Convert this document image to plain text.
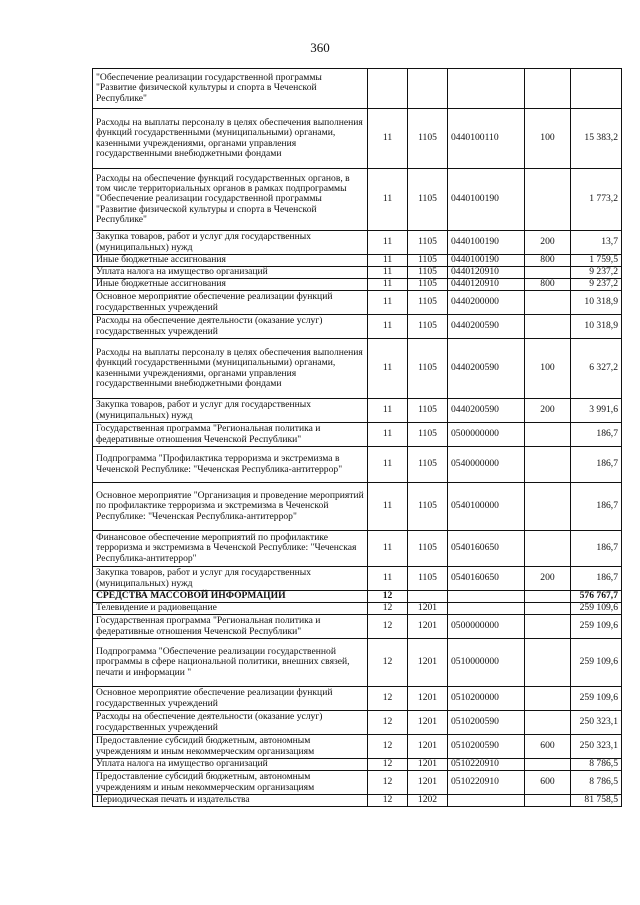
360
"Обеспечение реализации государственной программы "Развитие физической культуры и спорта в Чеченской Республике"					
Расходы на выплаты персоналу в целях обеспечения выполнения функций государственными (муниципальными) органами, казенными учреждениями, органами управления государственными внебюджетными фондами	11	1105	0440100110	100	15 383,2
Расходы на обеспечение функций государственных органов, в том числе территориальных органов в рамках подпрограммы "Обеспечение реализации государственной программы "Развитие физической культуры и спорта в Чеченской Республике"	11	1105	0440100190		1 773,2
Закупка товаров, работ и услуг для государственных (муниципальных) нужд	11	1105	0440100190	200	13,7
Иные бюджетные ассигнования	11	1105	0440100190	800	1 759,5
Уплата налога на имущество организаций	11	1105	0440120910		9 237,2
Иные бюджетные ассигнования	11	1105	0440120910	800	9 237,2
Основное мероприятие обеспечение реализации функций государственных учреждений	11	1105	0440200000		10 318,9
Расходы на обеспечение деятельности (оказание услуг) государственных учреждений	11	1105	0440200590		10 318,9
Расходы на выплаты персоналу в целях обеспечения выполнения функций государственными (муниципальными) органами, казенными учреждениями, органами управления государственными внебюджетными фондами	11	1105	0440200590	100	6 327,2
Закупка товаров, работ и услуг для государственных (муниципальных) нужд	11	1105	0440200590	200	3 991,6
Государственная программа "Региональная политика и федеративные отношения Чеченской Республики"	11	1105	0500000000		186,7
Подпрограмма "Профилактика терроризма и экстремизма в Чеченской Республике: "Чеченская Республика-антитеррор"	11	1105	0540000000		186,7
Основное мероприятие "Организация и проведение мероприятий по профилактике терроризма и экстремизма в Чеченской Республике: "Чеченская Республика-антитеррор"	11	1105	0540100000		186,7
Финансовое обеспечение мероприятий по профилактике терроризма и экстремизма в Чеченской Республике: "Чеченская Республика-антитеррор"	11	1105	0540160650		186,7
Закупка товаров, работ и услуг для государственных (муниципальных) нужд	11	1105	0540160650	200	186,7
СРЕДСТВА МАССОВОЙ ИНФОРМАЦИИ	12				576 767,7
Телевидение и радиовещание	12	1201			259 109,6
Государственная программа "Региональная политика и федеративные отношения Чеченской Республики"	12	1201	0500000000		259 109,6
Подпрограмма "Обеспечение реализации государственной программы в сфере национальной политики, внешних связей, печати и информации "	12	1201	0510000000		259 109,6
Основное мероприятие обеспечение реализации функций государственных учреждений	12	1201	0510200000		259 109,6
Расходы на обеспечение деятельности (оказание услуг) государственных учреждений	12	1201	0510200590		250 323,1
Предоставление субсидий бюджетным, автономным учреждениям и иным некоммерческим организациям	12	1201	0510200590	600	250 323,1
Уплата налога на имущество организаций	12	1201	0510220910		8 786,5
Предоставление субсидий бюджетным, автономным учреждениям и иным некоммерческим организациям	12	1201	0510220910	600	8 786,5
Периодическая печать и издательства	12	1202			81 758,5
